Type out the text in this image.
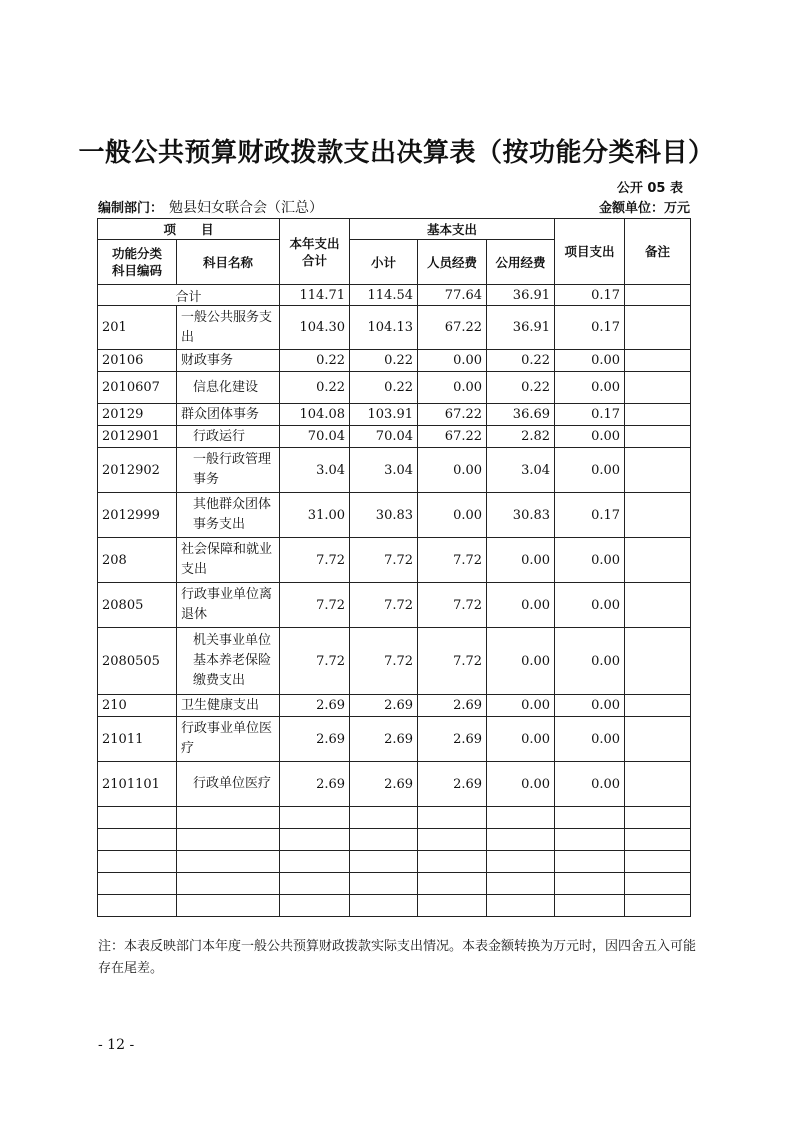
一般公共预算财政拨款支出决算表（按功能分类科目）
公开 05 表
编制部门： 勉县妇女联合会（汇总）	金额单位：万元
项　　目		本年支出合计	基本支出			项目支出	备注
功能分类科目编码	科目名称		小计	人员经费	公用经费		
合计		114.71	114.54	77.64	36.91	0.17	
201	一般公共服务支出	104.30	104.13	67.22	36.91	0.17	
20106	财政事务	0.22	0.22	0.00	0.22	0.00	
2010607	信息化建设	0.22	0.22	0.00	0.22	0.00	
20129	群众团体事务	104.08	103.91	67.22	36.69	0.17	
2012901	行政运行	70.04	70.04	67.22	2.82	0.00	
2012902	一般行政管理事务	3.04	3.04	0.00	3.04	0.00	
2012999	其他群众团体事务支出	31.00	30.83	0.00	30.83	0.17	
208	社会保障和就业支出	7.72	7.72	7.72	0.00	0.00	
20805	行政事业单位离退休	7.72	7.72	7.72	0.00	0.00	
2080505	机关事业单位基本养老保险缴费支出	7.72	7.72	7.72	0.00	0.00	
210	卫生健康支出	2.69	2.69	2.69	0.00	0.00	
21011	行政事业单位医疗	2.69	2.69	2.69	0.00	0.00	
2101101	行政单位医疗	2.69	2.69	2.69	0.00	0.00	

注：本表反映部门本年度一般公共预算财政拨款实际支出情况。本表金额转换为万元时，因四舍五入可能存在尾差。
- 12 -
